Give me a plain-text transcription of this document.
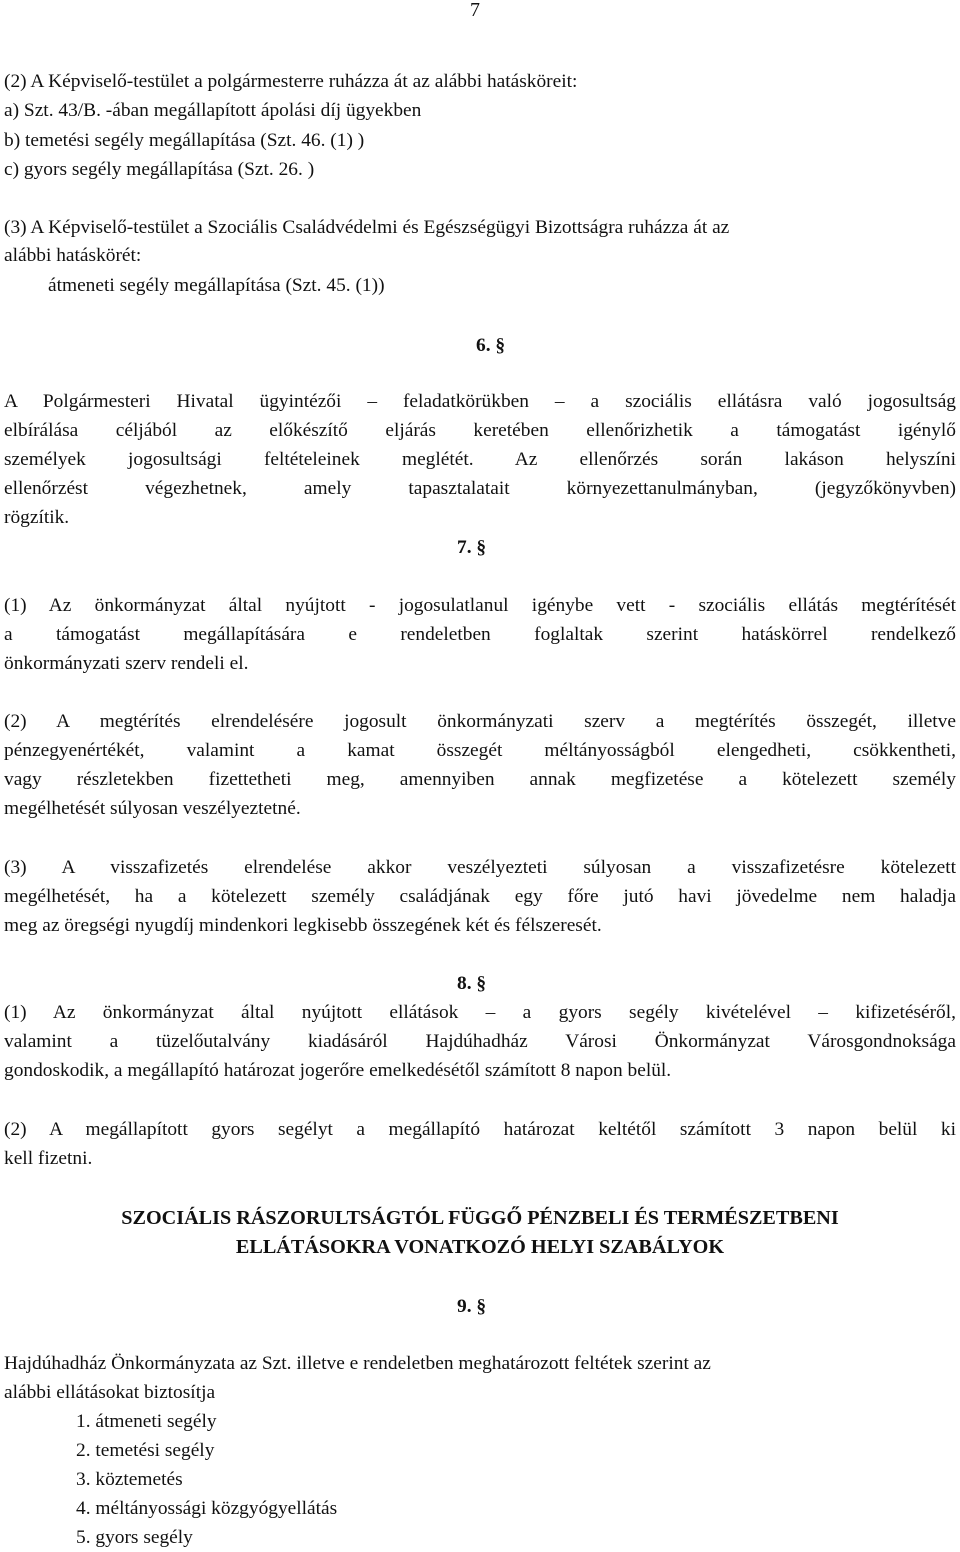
7
(2) A Képviselő-testület a polgármesterre ruházza át az alábbi hatásköreit:
a) Szt. 43/B. -ában megállapított ápolási díj ügyekben
b) temetési segély megállapítása (Szt. 46. (1) )
c) gyors segély megállapítása (Szt. 26. )
(3) A Képviselő-testület a Szociális Családvédelmi és Egészségügyi Bizottságra ruházza át az
alábbi hatáskörét:
átmeneti segély megállapítása (Szt. 45. (1))
6. §
A Polgármesteri Hivatal ügyintézői – feladatkörükben – a szociális ellátásra való jogosultság
elbírálása céljából az előkészítő eljárás keretében ellenőrizhetik a támogatást igénylő
személyek jogosultsági feltételeinek meglétét. Az ellenőrzés során lakáson helyszíni
ellenőrzést végezhetnek, amely tapasztalatait környezettanulmányban, (jegyzőkönyvben)
rögzítik.
7. §
(1) Az önkormányzat által nyújtott - jogosulatlanul igénybe vett - szociális ellátás megtérítését
a támogatást megállapítására e rendeletben foglaltak szerint hatáskörrel rendelkező
önkormányzati szerv rendeli el.
(2) A megtérítés elrendelésére jogosult önkormányzati szerv a megtérítés összegét, illetve
pénzegyenértékét, valamint a kamat összegét méltányosságból elengedheti, csökkentheti,
vagy részletekben fizettetheti meg, amennyiben annak megfizetése a kötelezett személy
megélhetését súlyosan veszélyeztetné.
(3) A visszafizetés elrendelése akkor veszélyezteti súlyosan a visszafizetésre kötelezett
megélhetését, ha a kötelezett személy családjának egy főre jutó havi jövedelme nem haladja
meg az öregségi nyugdíj mindenkori legkisebb összegének két és félszeresét.
8. §
(1) Az önkormányzat által nyújtott ellátások – a gyors segély kivételével – kifizetéséről,
valamint a tüzelőutalvány kiadásáról Hajdúhadház Városi Önkormányzat Városgondnoksága
gondoskodik, a megállapító határozat jogerőre emelkedésétől számított 8 napon belül.
(2) A megállapított gyors segélyt a megállapító határozat keltétől számított 3 napon belül ki
kell fizetni.
SZOCIÁLIS RÁSZORULTSÁGTÓL FÜGGŐ PÉNZBELI ÉS TERMÉSZETBENI
ELLÁTÁSOKRA VONATKOZÓ HELYI SZABÁLYOK
9. §
Hajdúhadház Önkormányzata az Szt. illetve e rendeletben meghatározott feltétek szerint az
alábbi ellátásokat biztosítja
1. átmeneti segély
2. temetési segély
3. köztemetés
4. méltányossági közgyógyellátás
5. gyors segély
